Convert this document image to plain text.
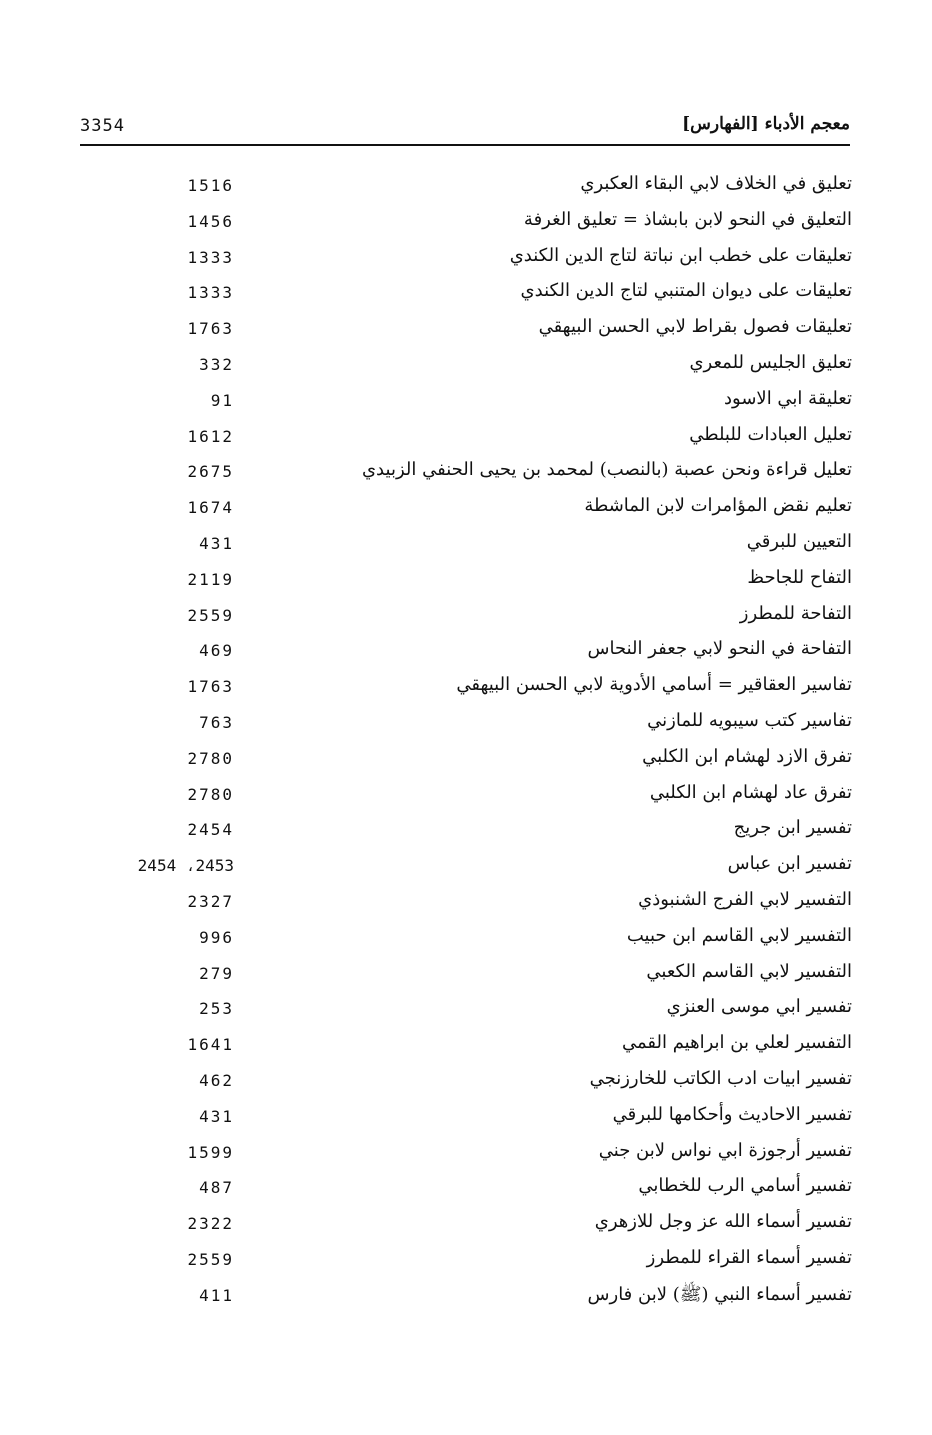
3354	معجم الأدباء [الفهارس]
تعليق في الخلاف لابي البقاء العكبري
1516
التعليق في النحو لابن بابشاذ = تعليق الغرفة
1456
تعليقات على خطب ابن نباتة لتاج الدين الكندي
1333
تعليقات على ديوان المتنبي لتاج الدين الكندي
1333
تعليقات فصول بقراط لابي الحسن البيهقي
1763
تعليق الجليس للمعري
332
تعليقة ابي الاسود
91
تعليل العبادات للبلطي
1612
تعليل قراءة ونحن عصبة (بالنصب) لمحمد بن يحيى الحنفي الزبيدي
2675
تعليم نقض المؤامرات لابن الماشطة
1674
التعيين للبرقي
431
التفاح للجاحظ
2119
التفاحة للمطرز
2559
التفاحة في النحو لابي جعفر النحاس
469
تفاسير العقاقير = أسامي الأدوية لابي الحسن البيهقي
1763
تفاسير كتب سيبويه للمازني
763
تفرق الازد لهشام ابن الكلبي
2780
تفرق عاد لهشام ابن الكلبي
2780
تفسير ابن جريج
2454
تفسير ابن عباس
2453، 2454
التفسير لابي الفرج الشنبوذي
2327
التفسير لابي القاسم ابن حبيب
996
التفسير لابي القاسم الكعبي
279
تفسير ابي موسى العنزي
253
التفسير لعلي بن ابراهيم القمي
1641
تفسير ابيات ادب الكاتب للخارزنجي
462
تفسير الاحاديث وأحكامها للبرقي
431
تفسير أرجوزة ابي نواس لابن جني
1599
تفسير أسامي الرب للخطابي
487
تفسير أسماء الله عز وجل للازهري
2322
تفسير أسماء القراء للمطرز
2559
تفسير أسماء النبي (ﷺ) لابن فارس
411
